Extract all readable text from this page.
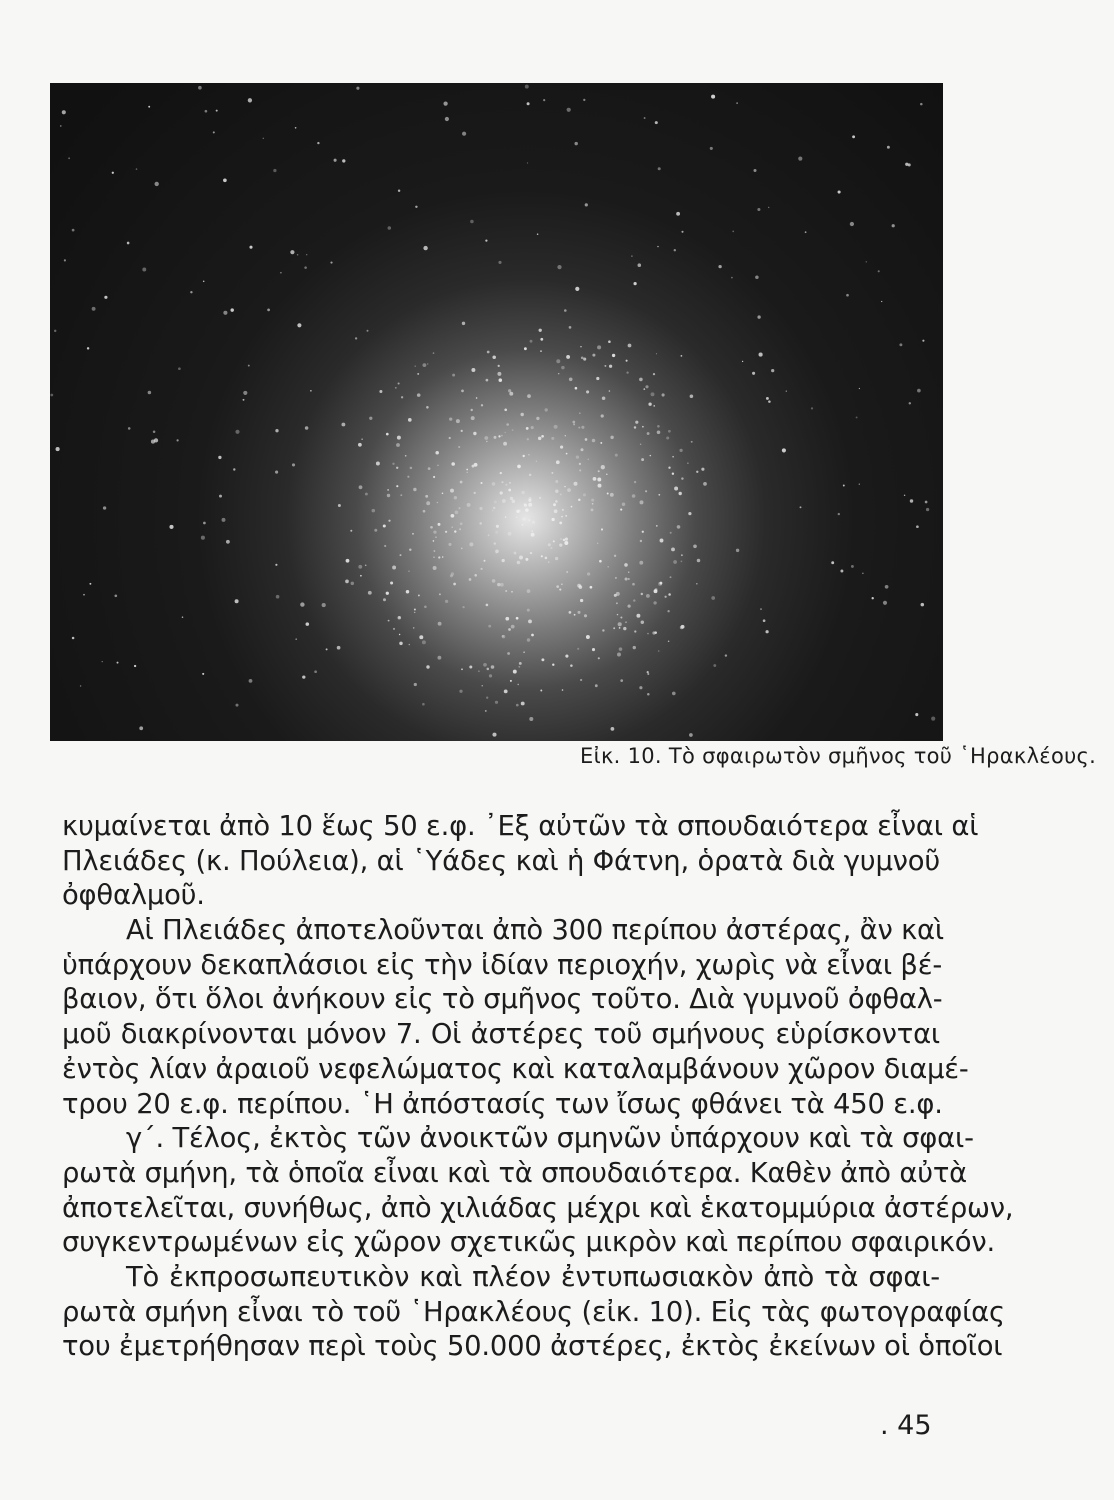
Εἰκ. 10. Τὸ σφαιρωτὸν σμῆνος τοῦ ῾Ηρακλέους.
κυμαίνεται ἀπὸ 10 ἕως 50 ε.φ. ᾿Εξ αὐτῶν τὰ σπουδαιότερα εἶναι αἱ
Πλειάδες (κ. Πούλεια), αἱ ῾Υάδες καὶ ἡ Φάτνη, ὁρατὰ διὰ γυμνοῦ
ὀφθαλμοῦ.
Αἱ Πλειάδες ἀποτελοῦνται ἀπὸ 300 περίπου ἀστέρας, ἂν καὶ
ὑπάρχουν δεκαπλάσιοι εἰς τὴν ἰδίαν περιοχήν, χωρὶς νὰ εἶναι βέ-
βαιον, ὅτι ὅλοι ἀνήκουν εἰς τὸ σμῆνος τοῦτο. Διὰ γυμνοῦ ὀφθαλ-
μοῦ διακρίνονται μόνον 7. Οἱ ἀστέρες τοῦ σμήνους εὑρίσκονται
ἐντὸς λίαν ἀραιοῦ νεφελώματος καὶ καταλαμβάνουν χῶρον διαμέ-
τρου 20 ε.φ. περίπου. ῾Η ἀπόστασίς των ἴσως φθάνει τὰ 450 ε.φ.
γ΄. Τέλος, ἐκτὸς τῶν ἀνοικτῶν σμηνῶν ὑπάρχουν καὶ τὰ σφαι-
ρωτὰ σμήνη, τὰ ὁποῖα εἶναι καὶ τὰ σπουδαιότερα. Καθὲν ἀπὸ αὐτὰ
ἀποτελεῖται, συνήθως, ἀπὸ χιλιάδας μέχρι καὶ ἑκατομμύρια ἀστέρων,
συγκεντρωμένων εἰς χῶρον σχετικῶς μικρὸν καὶ περίπου σφαιρικόν.
Τὸ ἐκπροσωπευτικὸν καὶ πλέον ἐντυπωσιακὸν ἀπὸ τὰ σφαι-
ρωτὰ σμήνη εἶναι τὸ τοῦ ῾Ηρακλέους (εἰκ. 10). Εἰς τὰς φωτογραφίας
του ἐμετρήθησαν περὶ τοὺς 50.000 ἀστέρες, ἐκτὸς ἐκείνων οἱ ὁποῖοι
. 45
